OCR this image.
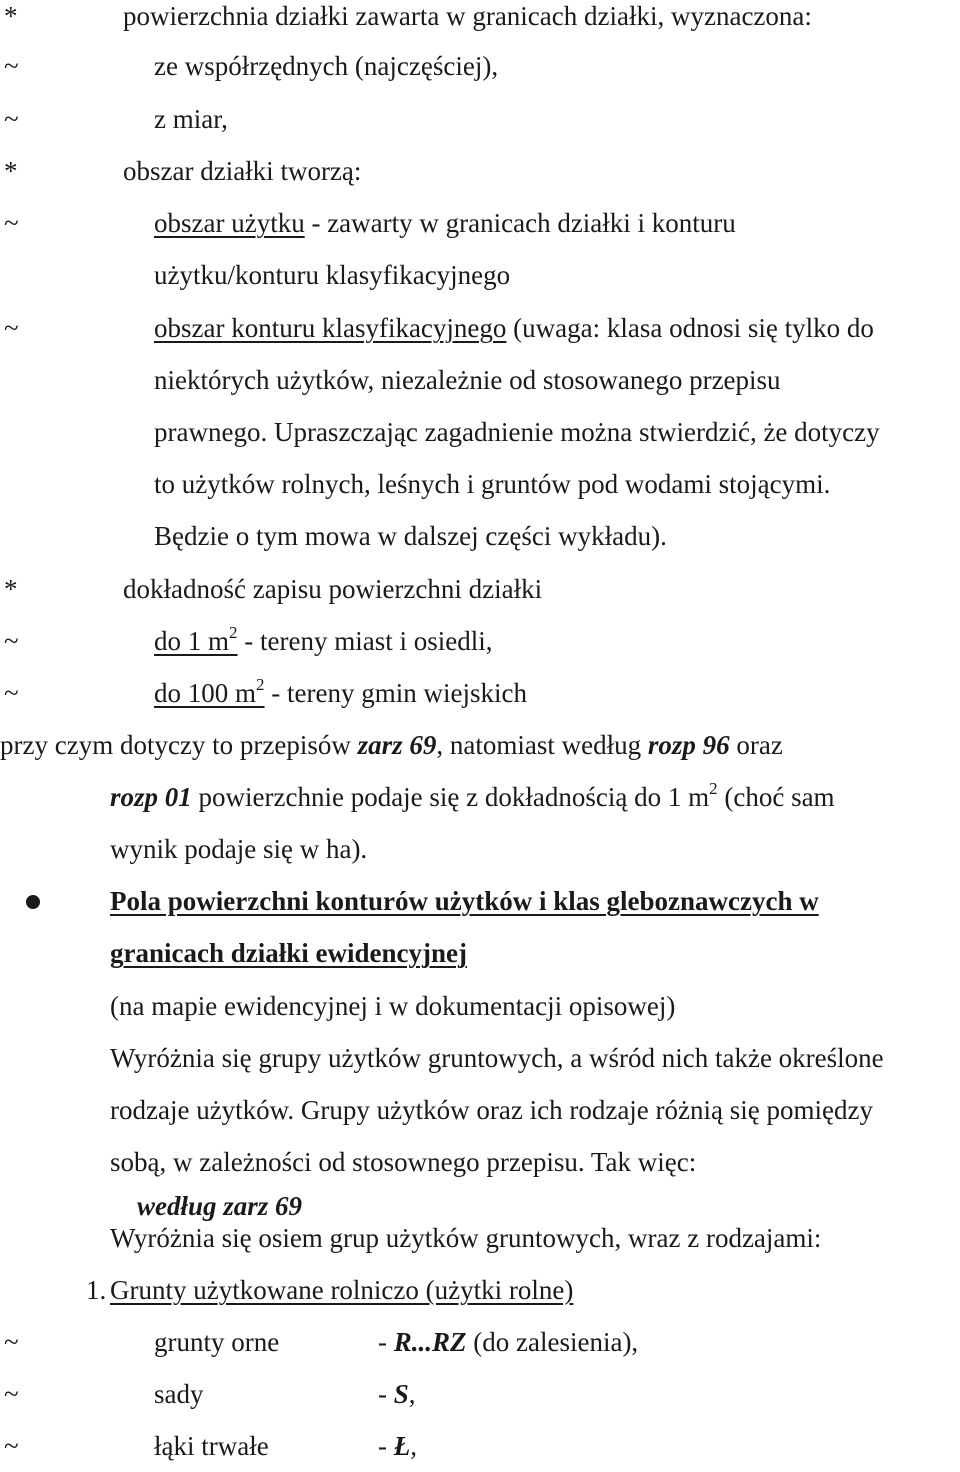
*	powierzchnia działki zawarta w granicach działki, wyznaczona:
~	ze współrzędnych (najczęściej),
~	z miar,
*	obszar działki tworzą:
~	obszar użytku - zawarty w granicach działki i konturu
użytku/konturu klasyfikacyjnego
~	obszar konturu klasyfikacyjnego (uwaga: klasa odnosi się tylko do
niektórych użytków, niezależnie od stosowanego przepisu
prawnego. Upraszczając zagadnienie można stwierdzić, że dotyczy
to użytków rolnych, leśnych i gruntów pod wodami stojącymi.
Będzie o tym mowa w dalszej części wykładu).
*	dokładność zapisu powierzchni działki
~	do 1 $m^2$ - tereny miast i osiedli,
~	do 100 $m^2$ - tereny gmin wiejskich
przy czym dotyczy to przepisów zarz 69, natomiast według rozp 96 oraz
rozp 01 powierzchnie podaje się z dokładnością do 1 $m^2$ (choć sam
wynik podaje się w ha).
Pola powierzchni konturów użytków i klas gleboznawczych w
granicach działki ewidencyjnej
(na mapie ewidencyjnej i w dokumentacji opisowej)
Wyróżnia się grupy użytków gruntowych, a wśród nich także określone
rodzaje użytków. Grupy użytków oraz ich rodzaje różnią się pomiędzy
sobą, w zależności od stosownego przepisu. Tak więc:
według zarz 69
Wyróżnia się osiem grup użytków gruntowych, wraz z rodzajami:
1. Grunty użytkowane rolniczo (użytki rolne)
~	grunty orne	- R...RZ (do zalesienia),
~	sady	- S,
~	łąki trwałe	- Ł,
